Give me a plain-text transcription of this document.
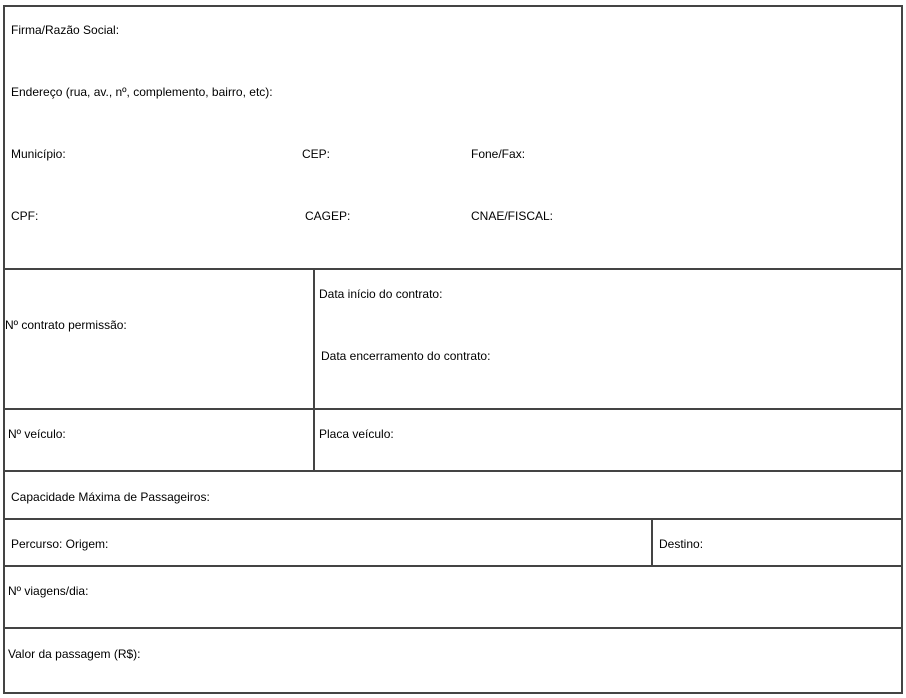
Firma/Razão Social:
Endereço (rua, av., nº, complemento, bairro, etc):
Município:	CEP:	Fone/Fax:
CPF:	CAGEP:	CNAE/FISCAL:
Nº contrato permissão:
Data início do contrato:
Data encerramento do contrato:
Nº veículo:	Placa veículo:
Capacidade Máxima de Passageiros:
Percurso: Origem:	Destino:
Nº viagens/dia:
Valor da passagem (R$):
